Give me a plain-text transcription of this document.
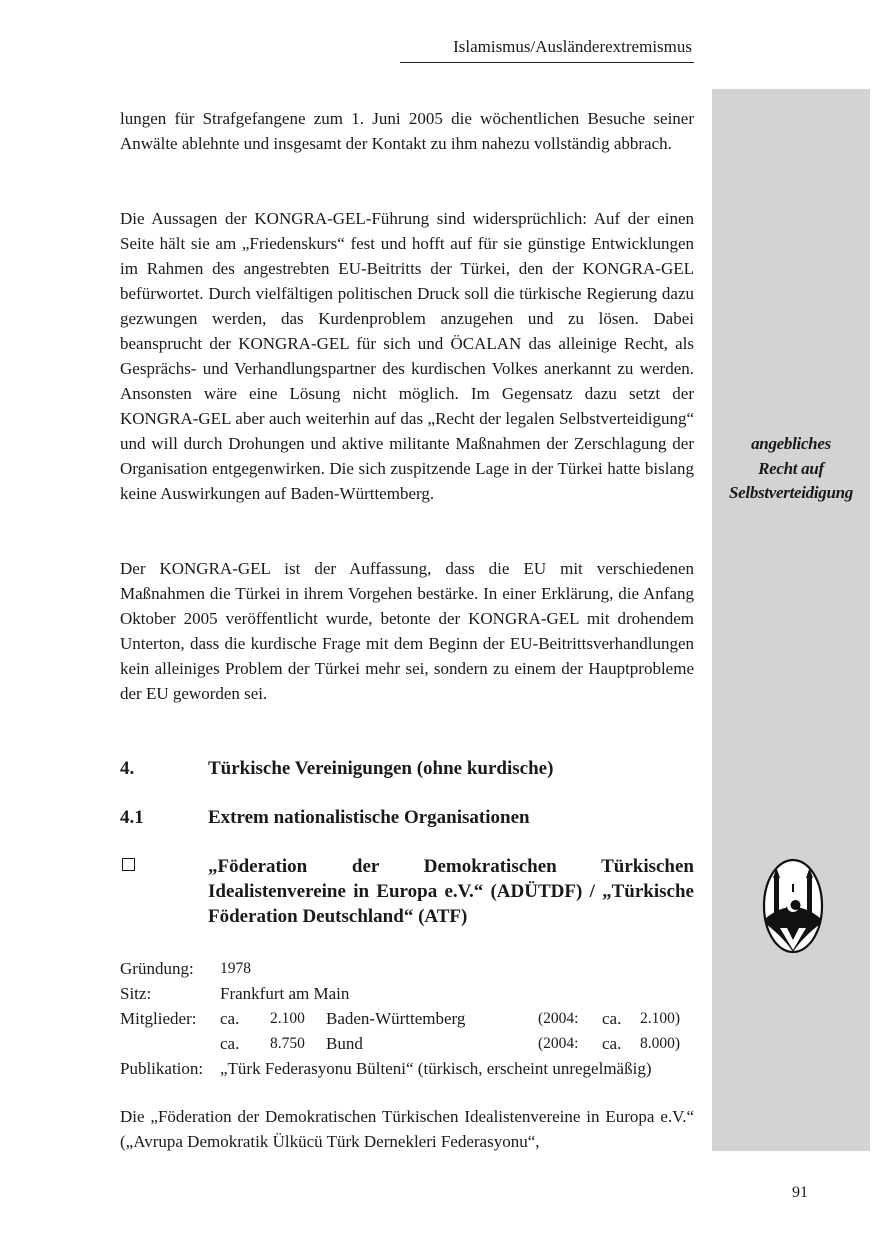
Islamismus/Ausländerextremismus
angebliches
Recht auf
Selbstverteidigung

lungen für Strafgefangene zum 1. Juni 2005 die wöchentlichen Besuche seiner Anwälte ablehnte und insgesamt der Kontakt zu ihm nahezu vollständig abbrach.

Die Aussagen der KONGRA-GEL-Führung sind widersprüchlich: Auf der einen Seite hält sie am „Friedenskurs“ fest und hofft auf für sie günstige Entwicklungen im Rahmen des angestrebten EU-Beitritts der Türkei, den der KONGRA-GEL befürwortet. Durch vielfältigen politischen Druck soll die türkische Regierung dazu gezwungen werden, das Kurdenproblem anzugehen und zu lösen. Dabei beansprucht der KONGRA-GEL für sich und ÖCALAN das alleinige Recht, als Gesprächs- und Verhandlungspartner des kurdischen Volkes anerkannt zu werden. Ansonsten wäre eine Lösung nicht möglich. Im Gegensatz dazu setzt der KONGRA-GEL aber auch weiterhin auf das „Recht der legalen Selbstverteidigung“ und will durch Drohungen und aktive militante Maßnahmen der Zerschlagung der Organisation entgegenwirken. Die sich zuspitzende Lage in der Türkei hatte bislang keine Auswirkungen auf Baden-Württemberg.

Der KONGRA-GEL ist der Auffassung, dass die EU mit verschiedenen Maßnahmen die Türkei in ihrem Vorgehen bestärke. In einer Erklärung, die Anfang Oktober 2005 veröffentlicht wurde, betonte der KONGRA-GEL mit drohendem Unterton, dass die kurdische Frage mit dem Beginn der EU-Beitrittsverhandlungen kein alleiniges Problem der Türkei mehr sei, sondern zu einem der Hauptprobleme der EU geworden sei.

4.	Türkische Vereinigungen (ohne kurdische)
4.1	Extrem nationalistische Organisationen
„Föderation der Demokratischen Türkischen Idealistenvereine in Europa e.V.“ (ADÜTDF) / „Türkische Föderation Deutschland“ (ATF)
Gründung: 1978
Sitz:	Frankfurt am Main
Mitglieder: ca. 2.100 Baden-Württemberg	(2004: ca. 2.100)
ca. 8.750 Bund	(2004: ca. 8.000)
Publikation: „Türk Federasyonu Bülteni“ (türkisch, erscheint unregelmäßig)

Die „Föderation der Demokratischen Türkischen Idealistenvereine in Europa e.V.“ („Avrupa Demokratik Ülkücü Türk Dernekleri Federasyonu“,

91
